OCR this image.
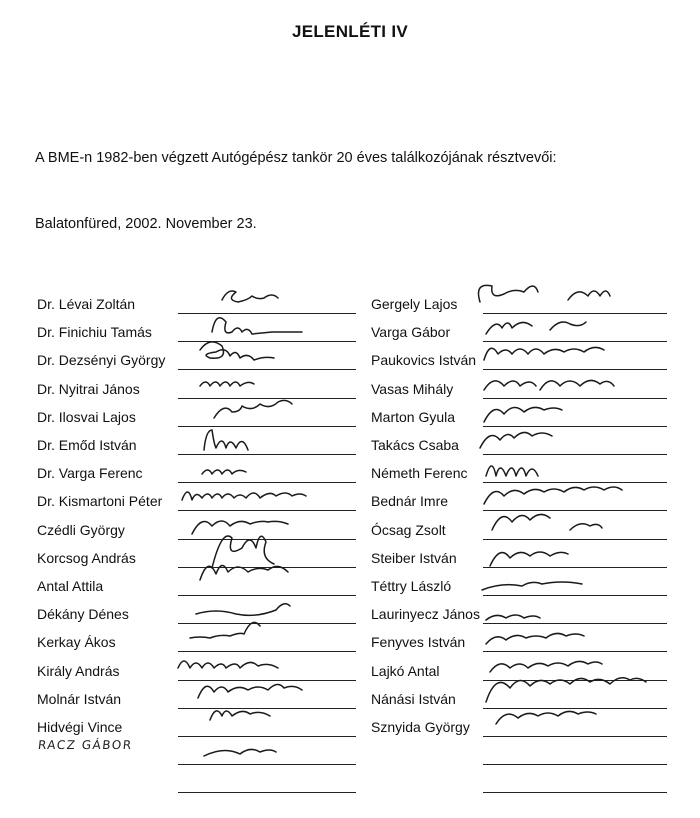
JELENLÉTI IV
A BME-n 1982-ben végzett Autógépész tankör 20 éves találkozójának résztvevői:
Balatonfüred, 2002. November 23.
Dr. Lévai Zoltán	Gergely Lajos
Dr. Finichiu Tamás	Varga Gábor
Dr. Dezsényi György	Paukovics István
Dr. Nyitrai János	Vasas Mihály
Dr. Ilosvai Lajos	Marton Gyula
Dr. Emőd István	Takács Csaba
Dr. Varga Ferenc	Németh Ferenc
Dr. Kismartoni Péter	Bednár Imre
Czédli György	Ócsag Zsolt
Korcsog András	Steiber István
Antal Attila	Téttry László
Dékány Dénes	Laurinyecz János
Kerkay Ákos	Fenyves István
Király András	Lajkó Antal
Molnár István	Nánási István
Hidvégi Vince	Sznyida György
RACZ GÁBOR
